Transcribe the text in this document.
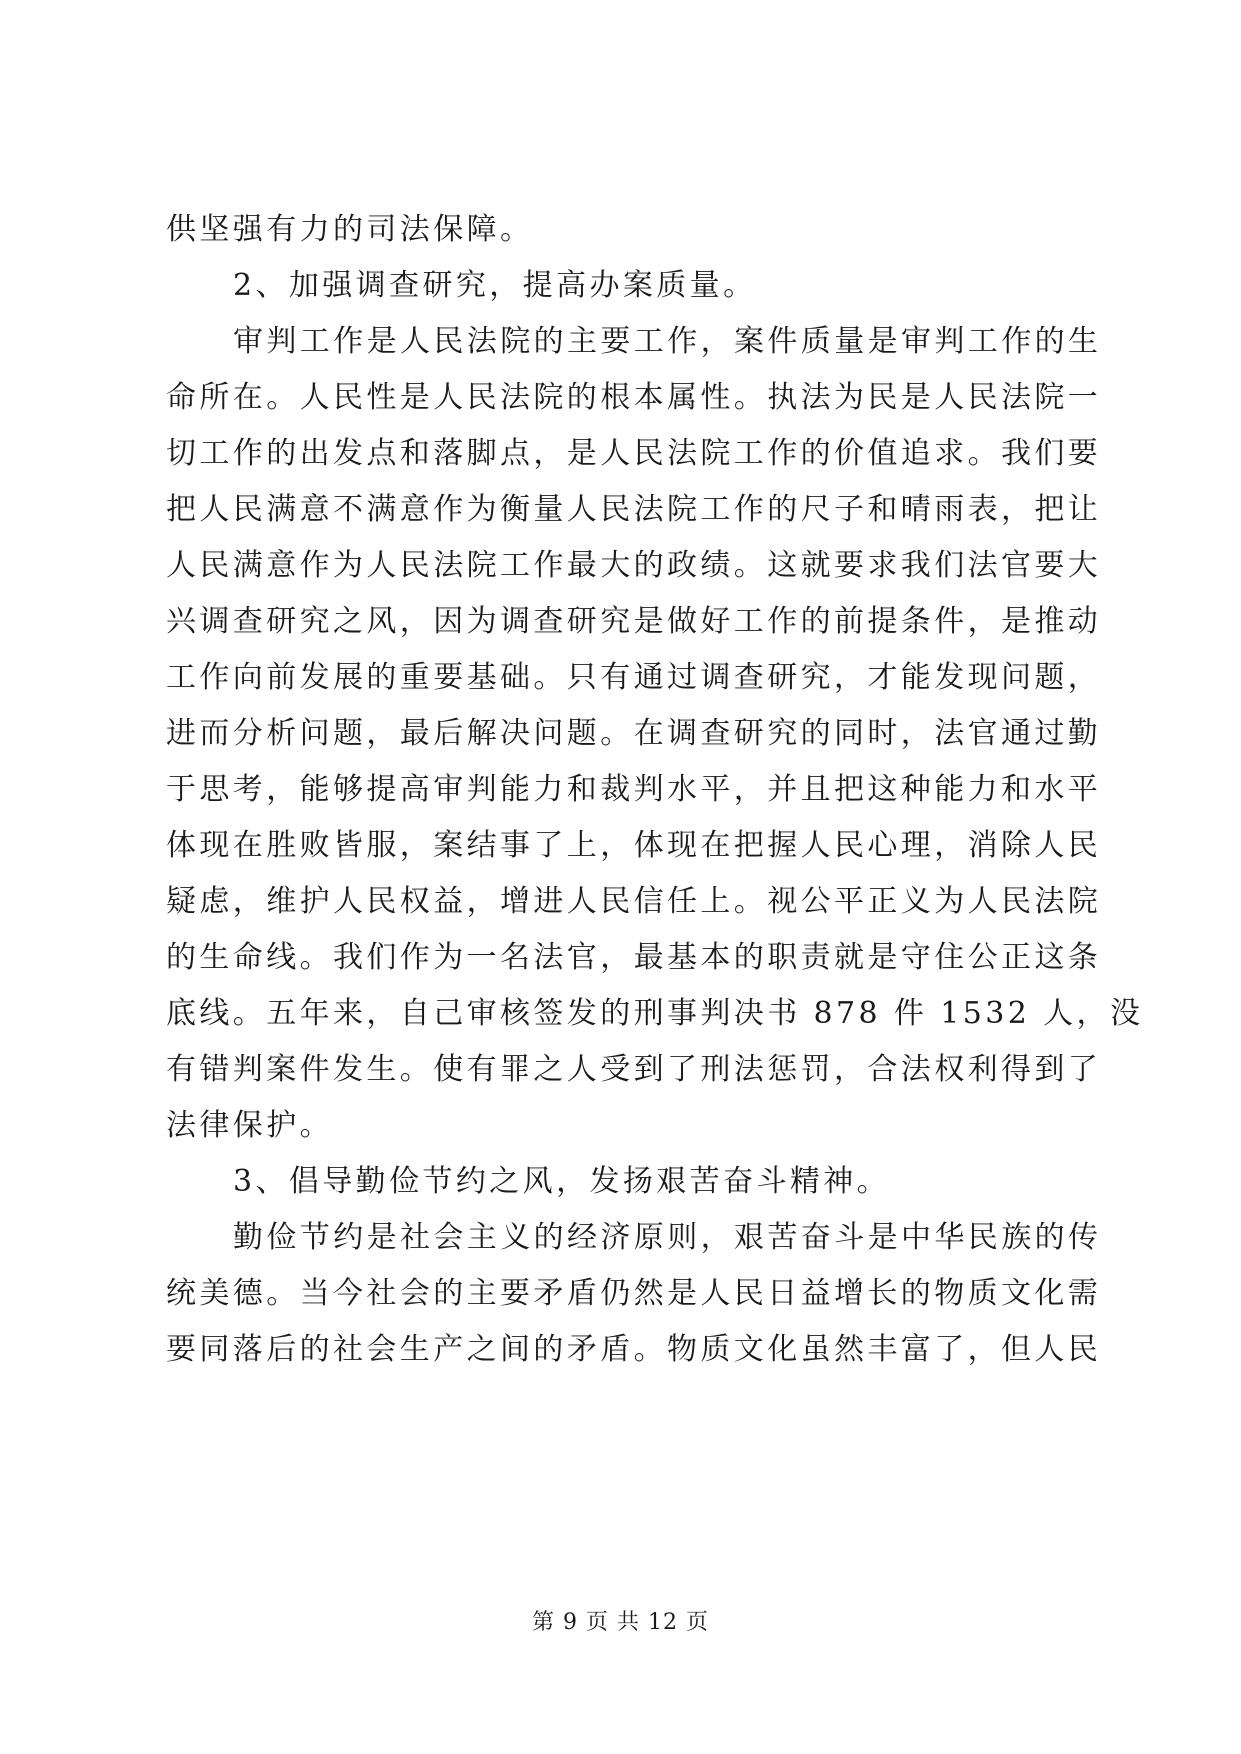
供坚强有力的司法保障。
2、加强调查研究，提高办案质量。
审判工作是人民法院的主要工作，案件质量是审判工作的生
命所在。人民性是人民法院的根本属性。执法为民是人民法院一
切工作的出发点和落脚点，是人民法院工作的价值追求。我们要
把人民满意不满意作为衡量人民法院工作的尺子和晴雨表，把让
人民满意作为人民法院工作最大的政绩。这就要求我们法官要大
兴调查研究之风，因为调查研究是做好工作的前提条件，是推动
工作向前发展的重要基础。只有通过调查研究，才能发现问题，
进而分析问题，最后解决问题。在调查研究的同时，法官通过勤
于思考，能够提高审判能力和裁判水平，并且把这种能力和水平
体现在胜败皆服，案结事了上，体现在把握人民心理，消除人民
疑虑，维护人民权益，增进人民信任上。视公平正义为人民法院
的生命线。我们作为一名法官，最基本的职责就是守住公正这条
底线。五年来，自己审核签发的刑事判决书 878 件 1532 人，没
有错判案件发生。使有罪之人受到了刑法惩罚，合法权利得到了
法律保护。
3、倡导勤俭节约之风，发扬艰苦奋斗精神。
勤俭节约是社会主义的经济原则，艰苦奋斗是中华民族的传
统美德。当今社会的主要矛盾仍然是人民日益增长的物质文化需
要同落后的社会生产之间的矛盾。物质文化虽然丰富了，但人民
第 9 页 共 12 页
